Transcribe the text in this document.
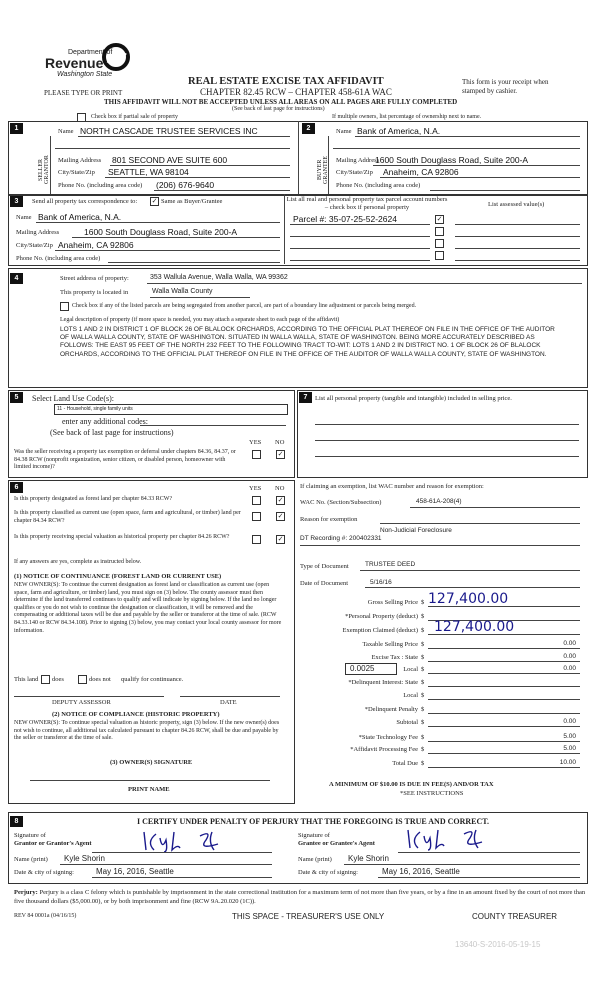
Department of
Revenue
Washington State
PLEASE TYPE OR PRINT
REAL ESTATE EXCISE TAX AFFIDAVIT
CHAPTER 82.45 RCW – CHAPTER 458-61A WAC
This form is your receipt when stamped by cashier.
THIS AFFIDAVIT WILL NOT BE ACCEPTED UNLESS ALL AREAS ON ALL PAGES ARE FULLY COMPLETED
(See back of last page for instructions)
Check box if partial sale of property	If multiple owners, list percentage of ownership next to name.
1
SELLER GRANTOR
Name NORTH CASCADE TRUSTEE SERVICES INC
Mailing Address 801 SECOND AVE SUITE 600
City/State/Zip SEATTLE, WA 98104
Phone No. (including area code) (206) 676-9640
2
BUYER GRANTEE
Name Bank of America, N.A.
Mailing Address
1600 South Douglass Road, Suite 200-A
City/State/Zip Anaheim, CA 92806
Phone No. (including area code)
3	Send all property tax correspondence to: ✓ Same as Buyer/Grantee
Name Bank of America, N.A.
Mailing Address	1600 South Douglass Road, Suite 200-A
City/State/Zip Anaheim, CA 92806
Phone No. (including area code)
List all real and personal property tax parcel account numbers – check box if personal property	List assessed value(s)
Parcel #: 35-07-25-52-2624	✓
4	Street address of property:	353 Wallula Avenue, Walla Walla, WA 99362
This property is located in	Walla Walla County
Check box if any of the listed parcels are being segregated from another parcel, are part of a boundary line adjustment or parcels being merged.
Legal description of property (if more space is needed, you may attach a separate sheet to each page of the affidavit)
LOTS 1 AND 2 IN DISTRICT 1 OF BLOCK 26 OF BLALOCK ORCHARDS, ACCORDING TO THE OFFICIAL PLAT THEREOF ON FILE IN THE OFFICE OF THE AUDITOR OF WALLA WALLA COUNTY, STATE OF WASHINGTON. SITUATED IN WALLA WALLA, STATE OF WASHINGTON. BEING MORE ACCURATELY DESCRIBED AS FOLLOWS: THE EAST 95 FEET OF THE NORTH 232 FEET TO THE FOLLOWING TRACT TO-WIT: LOTS 1 AND 2 IN DISTRICT NO. 1 OF BLOCK 26 OF BLALOCK ORCHARDS, ACCORDING TO THE OFFICIAL PLAT THEREOF ON FILE IN THE OFFICE OF THE AUDITOR OF WALLA WALLA COUNTY, STATE OF WASHINGTON.
5	Select Land Use Code(s):
11 - Household, single family units
enter any additional codes:
(See back of last page for instructions)
YES NO
Was the seller receiving a property tax exemption or deferral under chapters 84.36, 84.37, or 84.38 RCW (nonprofit organization, senior citizen, or disabled person, homeowner with limited income)?
✓
6	YES NO
Is this property designated as forest land per chapter 84.33 RCW?	✓
Is this property classified as current use (open space, farm and agricultural, or timber) land per chapter 84.34 RCW?
✓
Is this property receiving special valuation as historical property per chapter 84.26 RCW?	✓
If any answers are yes, complete as instructed below.
(1) NOTICE OF CONTINUANCE (FOREST LAND OR CURRENT USE)
NEW OWNER(S): To continue the current designation as forest land or classification as current use (open space, farm and agriculture, or timber) land, you must sign on (3) below. The county assessor must then determine if the land transferred continues to qualify and will indicate by signing below. If the land no longer qualifies or you do not wish to continue the designation or classification, it will be removed and the compensating or additional taxes will be due and payable by the seller or transferor at the time of sale. (RCW 84.33.140 or RCW 84.34.108). Prior to signing (3) below, you may contact your local county assessor for more information.
This land does	does not qualify for continuance.
DEPUTY ASSESSOR	DATE
(2) NOTICE OF COMPLIANCE (HISTORIC PROPERTY)
NEW OWNER(S): To continue special valuation as historic property, sign (3) below. If the new owner(s) does not wish to continue, all additional tax calculated pursuant to chapter 84.26 RCW, shall be due and payable by the seller or transferor at the time of sale.
(3) OWNER(S) SIGNATURE
PRINT NAME
7	List all personal property (tangible and intangible) included in selling price.
If claiming an exemption, list WAC number and reason for exemption:
WAC No. (Section/Subsection)	458-61A-208(4)
Reason for exemption
Non-Judicial Foreclosure
DT Recording #: 200402331
Type of Document	TRUSTEE DEED
Date of Document	5/16/16
Gross Selling Price $ 127,400.00
*Personal Property (deduct) $
Exemption Claimed (deduct) $ 127,400.00
Taxable Selling Price $	0.00
Excise Tax : State $	0.00
0.0025	Local $	0.00
*Delinquent Interest: State $
Local $
*Delinquent Penalty $
Subtotal $	0.00
*State Technology Fee $	5.00
*Affidavit Processing Fee $	5.00
Total Due $	10.00
A MINIMUM OF $10.00 IS DUE IN FEE(S) AND/OR TAX
*SEE INSTRUCTIONS
8	I CERTIFY UNDER PENALTY OF PERJURY THAT THE FOREGOING IS TRUE AND CORRECT.
Signature of
Grantor or Grantor's Agent
Name (print) Kyle Shorin
Date & city of signing:	May 16, 2016, Seattle
Signature of
Grantee or Grantee's Agent
Name (print) Kyle Shorin
Date & city of signing:	May 16, 2016, Seattle
Perjury: Perjury is a class C felony which is punishable by imprisonment in the state correctional institution for a maximum term of not more than five years, or by a fine in an amount fixed by the court of not more than five thousand dollars ($5,000.00), or by both imprisonment and fine (RCW 9A.20.020 (1C)).
REV 84 0001a (04/16/15)	THIS SPACE - TREASURER'S USE ONLY	COUNTY TREASURER
13640-S-2016-05-19-15
